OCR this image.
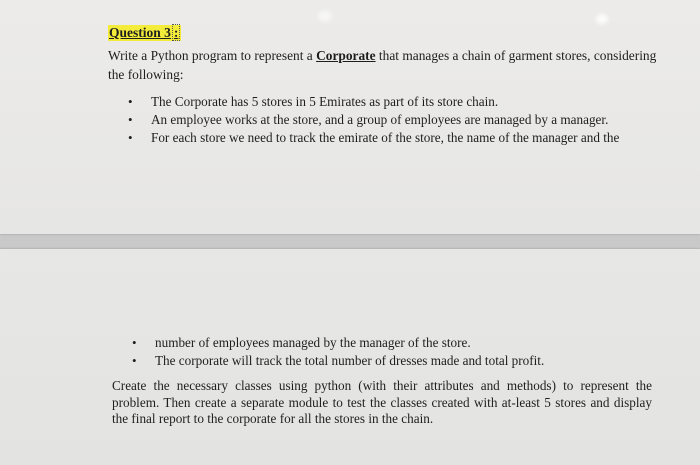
Question 3 :
Write a Python program to represent a Corporate that manages a chain of garment stores, considering the following:
• The Corporate has 5 stores in 5 Emirates as part of its store chain.
• An employee works at the store, and a group of employees are managed by a manager.
• For each store we need to track the emirate of the store, the name of the manager and the
• number of employees managed by the manager of the store.
• The corporate will track the total number of dresses made and total profit.
Create the necessary classes using python (with their attributes and methods) to represent the problem. Then create a separate module to test the classes created with at-least 5 stores and display the final report to the corporate for all the stores in the chain.
